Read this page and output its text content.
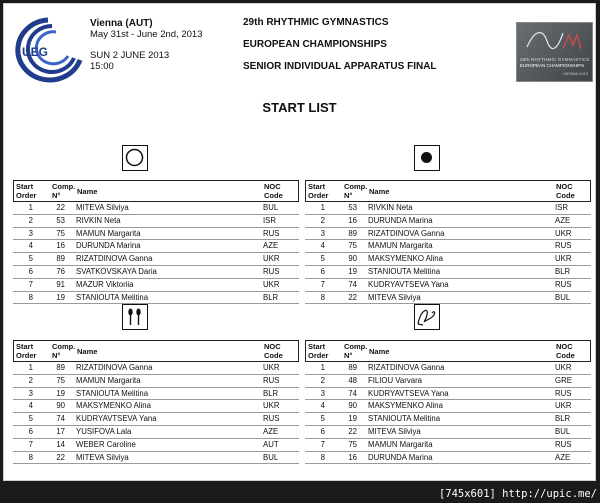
UEG
Vienna (AUT)
May 31st - June 2nd, 2013
SUN 2 JUNE 2013
15:00
29th RHYTHMIC GYMNASTICS
EUROPEAN CHAMPIONSHIPS
SENIOR INDIVIDUAL APPARATUS FINAL
29th RHYTHMIC GYMNASTICS
EUROPEAN CHAMPIONSHIPS
VIENNA 2013
START LIST
Start Order
Comp. N°	Name
NOC Code
1	22 MITEVA Silviya	BUL
2	53 RIVKIN Neta	ISR
3	75 MAMUN Margarita	RUS
4	16 DURUNDA Marina	AZE
5	89 RIZATDINOVA Ganna	UKR
6	76 SVATKOVSKAYA Daria	RUS
7	91 MAZUR Viktoriia	UKR
8	19 STANIOUTA Melitina	BLR
Start Order
Comp. N°	Name
NOC Code
1	53 RIVKIN Neta	ISR
2	16 DURUNDA Marina	AZE
3	89 RIZATDINOVA Ganna	UKR
4	75 MAMUN Margarita	RUS
5	90 MAKSYMENKO Alina	UKR
6	19 STANIOUTA Melitina	BLR
7	74 KUDRYAVTSEVA Yana	RUS
8	22 MITEVA Silviya	BUL
Start Order
Comp. N°	Name
NOC Code
1	89 RIZATDINOVA Ganna	UKR
2	75 MAMUN Margarita	RUS
3	19 STANIOUTA Melitina	BLR
4	90 MAKSYMENKO Alina	UKR
5	74 KUDRYAVTSEVA Yana	RUS
6	17 YUSIFOVA Lala	AZE
7	14 WEBER Caroline	AUT
8	22 MITEVA Silviya	BUL
Start Order
Comp. N°	Name
NOC Code
1	89 RIZATDINOVA Ganna	UKR
2	48 FILIOU Varvara	GRE
3	74 KUDRYAVTSEVA Yana	RUS
4	90 MAKSYMENKO Alina	UKR
5	19 STANIOUTA Melitina	BLR
6	22 MITEVA Silviya	BUL
7	75 MAMUN Margarita	RUS
8	16 DURUNDA Marina	AZE
[745x601] http://upic.me/
